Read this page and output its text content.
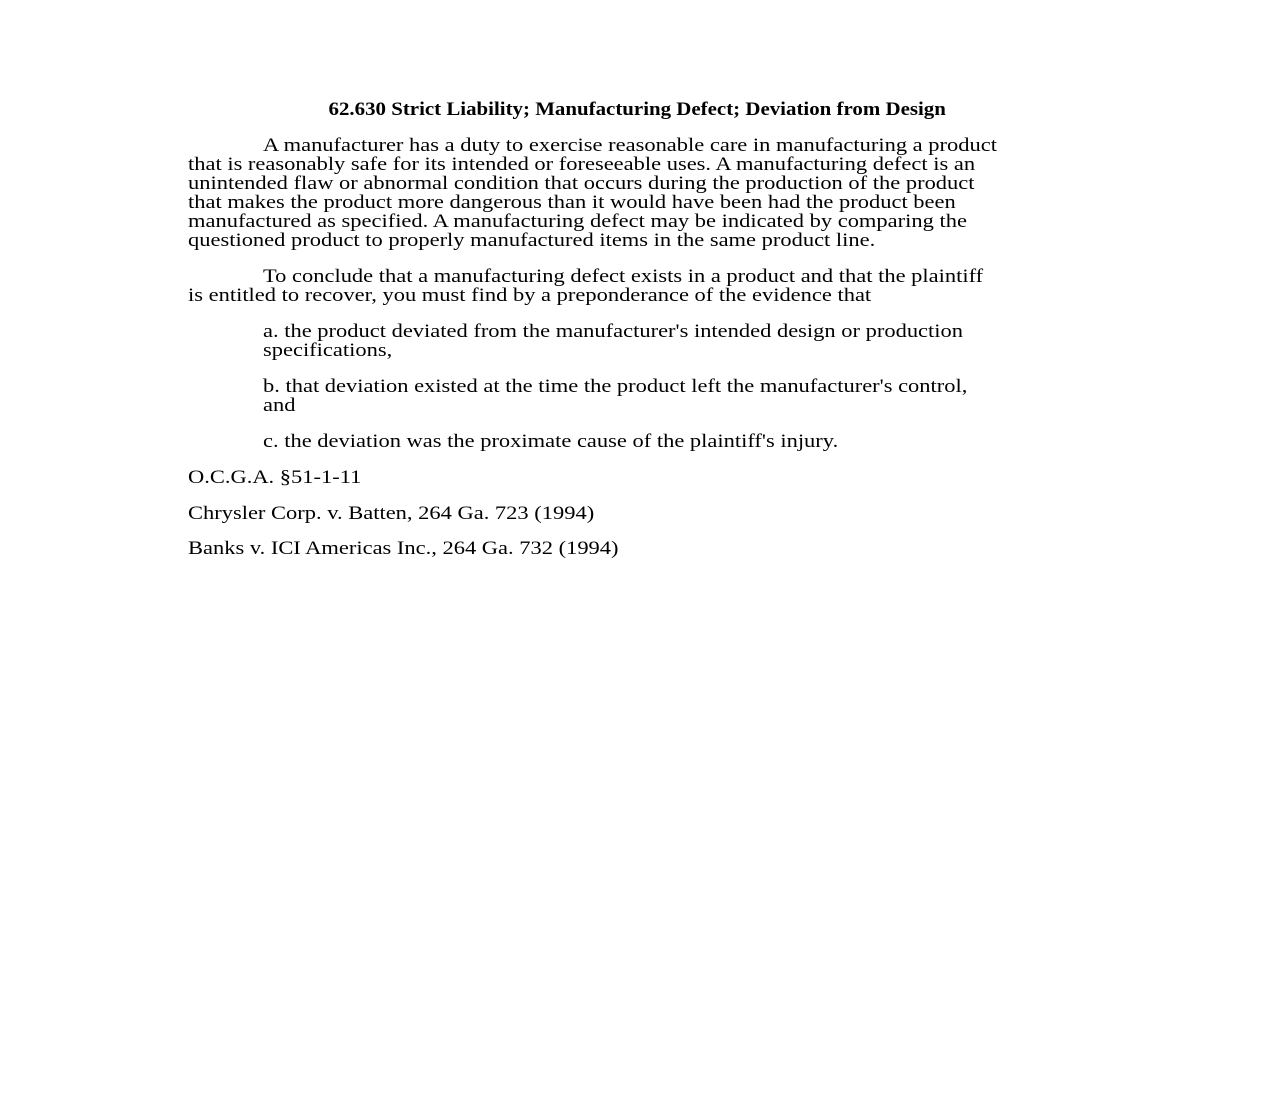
62.630 Strict Liability; Manufacturing Defect; Deviation from Design
A manufacturer has a duty to exercise reasonable care in manufacturing a product
that is reasonably safe for its intended or foreseeable uses. A manufacturing defect is an
unintended flaw or abnormal condition that occurs during the production of the product
that makes the product more dangerous than it would have been had the product been
manufactured as specified. A manufacturing defect may be indicated by comparing the
questioned product to properly manufactured items in the same product line.
To conclude that a manufacturing defect exists in a product and that the plaintiff
is entitled to recover, you must find by a preponderance of the evidence that
a. the product deviated from the manufacturer's intended design or production
specifications,
b. that deviation existed at the time the product left the manufacturer's control,
and
c. the deviation was the proximate cause of the plaintiff's injury.
O.C.G.A. §51-1-11
Chrysler Corp. v. Batten, 264 Ga. 723 (1994)
Banks v. ICI Americas Inc., 264 Ga. 732 (1994)
